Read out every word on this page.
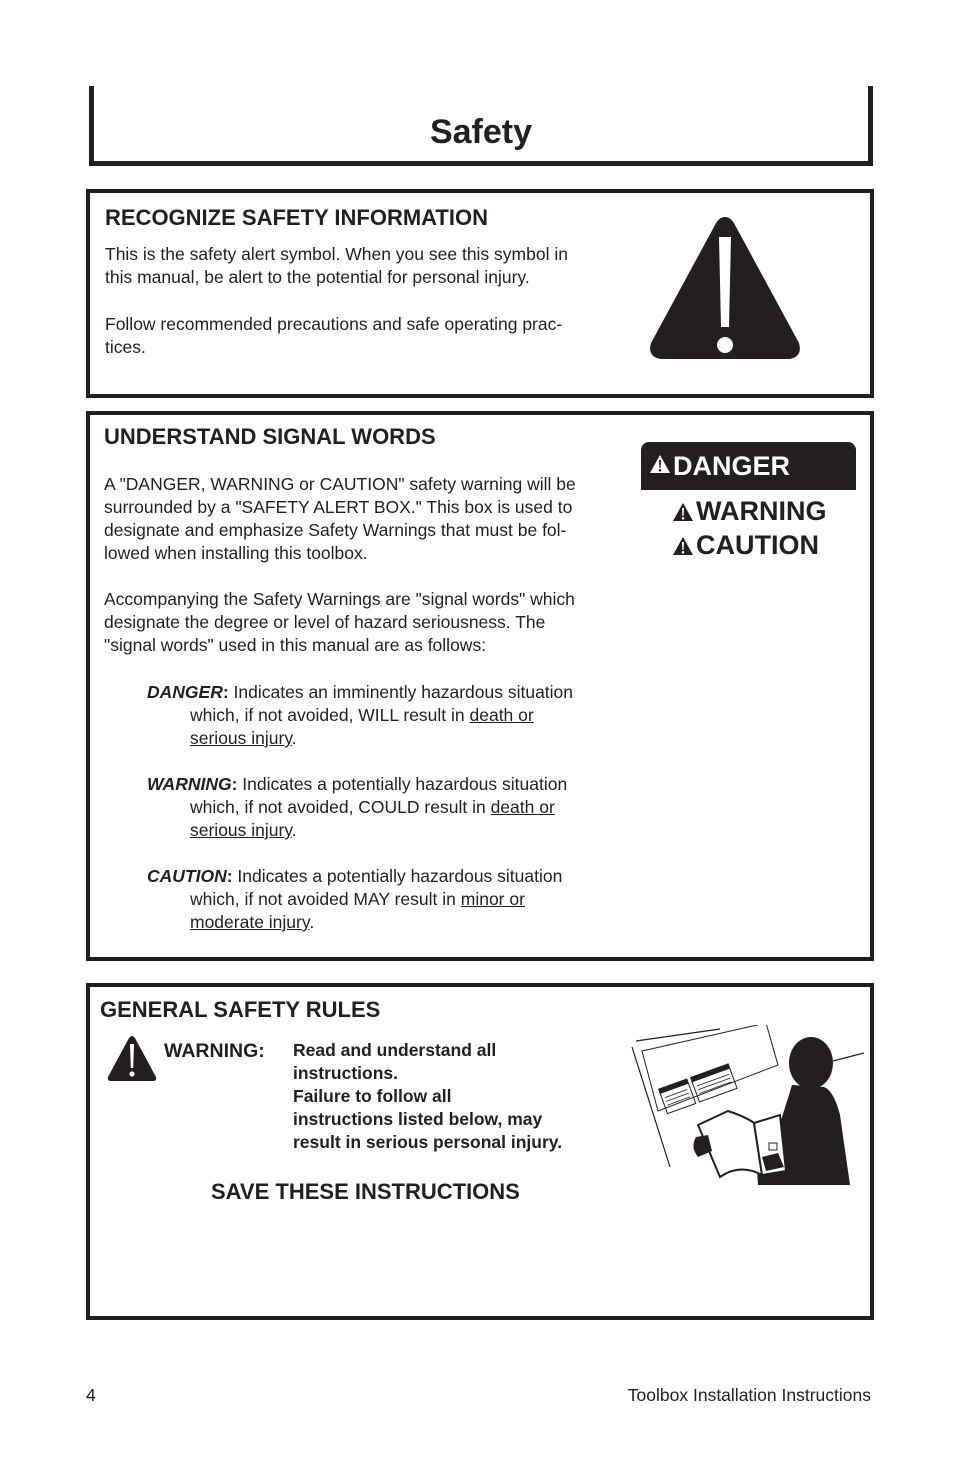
Safety
RECOGNIZE SAFETY INFORMATION
This is the safety alert symbol. When you see this symbol in
this manual, be alert to the potential for personal injury.
Follow recommended precautions and safe operating prac-
tices.
UNDERSTAND SIGNAL WORDS
A "DANGER, WARNING or CAUTION" safety warning will be
surrounded by a "SAFETY ALERT BOX." This box is used to
designate and emphasize Safety Warnings that must be fol-
lowed when installing this toolbox.
Accompanying the Safety Warnings are "signal words" which
designate the degree or level of hazard seriousness. The
"signal words" used in this manual are as follows:
DANGER: Indicates an imminently hazardous situation
which, if not avoided, WILL result in death or
serious injury.
WARNING: Indicates a potentially hazardous situation
which, if not avoided, COULD result in death or
serious injury.
CAUTION: Indicates a potentially hazardous situation
which, if not avoided MAY result in minor or
moderate injury.
DANGER
WARNING
CAUTION
GENERAL SAFETY RULES
WARNING: Read and understand all
instructions.
Failure to follow all
instructions listed below, may
result in serious personal injury.
SAVE THESE INSTRUCTIONS
4	Toolbox Installation Instructions
